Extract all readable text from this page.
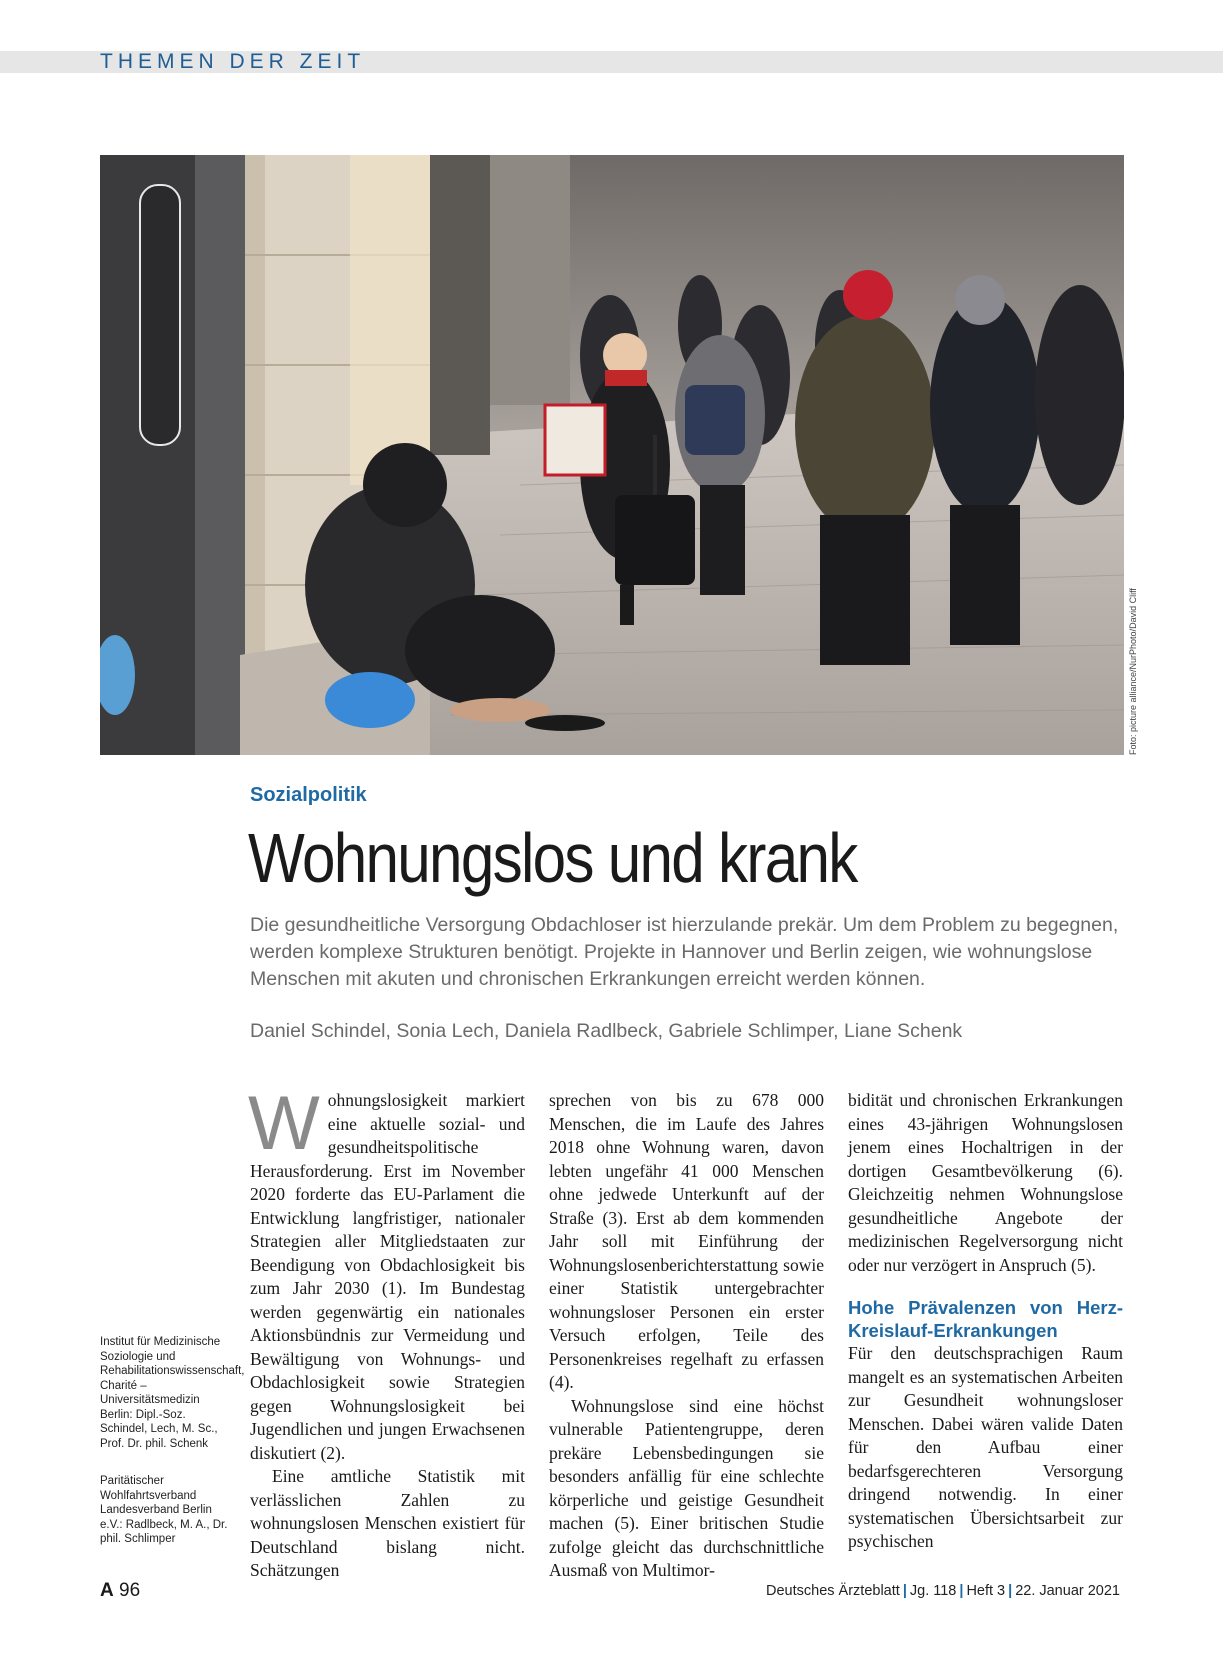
THEMEN DER ZEIT
Foto: picture alliance/NurPhoto/David Cliff
Sozialpolitik
Wohnungslos und krank
Die gesundheitliche Versorgung Obdachloser ist hierzulande prekär. Um dem Problem zu begegnen, werden komplexe Strukturen benötigt. Projekte in Hannover und Berlin zeigen, wie wohnungslose Menschen mit akuten und chronischen Erkrankungen erreicht werden können.
Daniel Schindel, Sonia Lech, Daniela Radlbeck, Gabriele Schlimper, Liane Schenk
Institut für Medizinische Soziologie und Rehabilitationswissenschaft, Charité – Universitätsmedizin Berlin: Dipl.-Soz. Schindel, Lech, M. Sc., Prof. Dr. phil. Schenk
Paritätischer Wohlfahrtsverband Landesverband Berlin e.V.: Radlbeck, M. A., Dr. phil. Schlimper

Wohnungslosigkeit markiert eine aktuelle sozial- und gesundheitspolitische Herausforderung. Erst im November 2020 forderte das EU-Parlament die Entwicklung langfristiger, nationaler Strategien aller Mitgliedstaaten zur Beendigung von Obdachlosigkeit bis zum Jahr 2030 (1). Im Bundestag werden gegenwärtig ein nationales Aktionsbündnis zur Vermeidung und Bewältigung von Wohnungs- und Obdachlosigkeit sowie Strategien gegen Wohnungslosigkeit bei Jugendlichen und jungen Erwachsenen diskutiert (2).

Eine amtliche Statistik mit verlässlichen Zahlen zu wohnungslosen Menschen existiert für Deutschland bislang nicht. Schätzungen

sprechen von bis zu 678 000 Menschen, die im Laufe des Jahres 2018 ohne Wohnung waren, davon lebten ungefähr 41 000 Menschen ohne jedwede Unterkunft auf der Straße (3). Erst ab dem kommenden Jahr soll mit Einführung der Wohnungslosenberichterstattung sowie einer Statistik untergebrachter wohnungsloser Personen ein erster Versuch erfolgen, Teile des Personenkreises regelhaft zu erfassen (4).

Wohnungslose sind eine höchst vulnerable Patientengruppe, deren prekäre Lebensbedingungen sie besonders anfällig für eine schlechte körperliche und geistige Gesundheit machen (5). Einer britischen Studie zufolge gleicht das durchschnittliche Ausmaß von Multimor-

bidität und chronischen Erkrankungen eines 43-jährigen Wohnungslosen jenem eines Hochaltrigen in der dortigen Gesamtbevölkerung (6). Gleichzeitig nehmen Wohnungslose gesundheitliche Angebote der medizinischen Regelversorgung nicht oder nur verzögert in Anspruch (5).

Hohe Prävalenzen von Herz-Kreislauf-Erkrankungen

Für den deutschsprachigen Raum mangelt es an systematischen Arbeiten zur Gesundheit wohnungsloser Menschen. Dabei wären valide Daten für den Aufbau einer bedarfsgerechteren Versorgung dringend notwendig. In einer systematischen Übersichtsarbeit zur psychischen

A 96	Deutsches Ärzteblatt | Jg. 118 | Heft 3 | 22. Januar 2021
